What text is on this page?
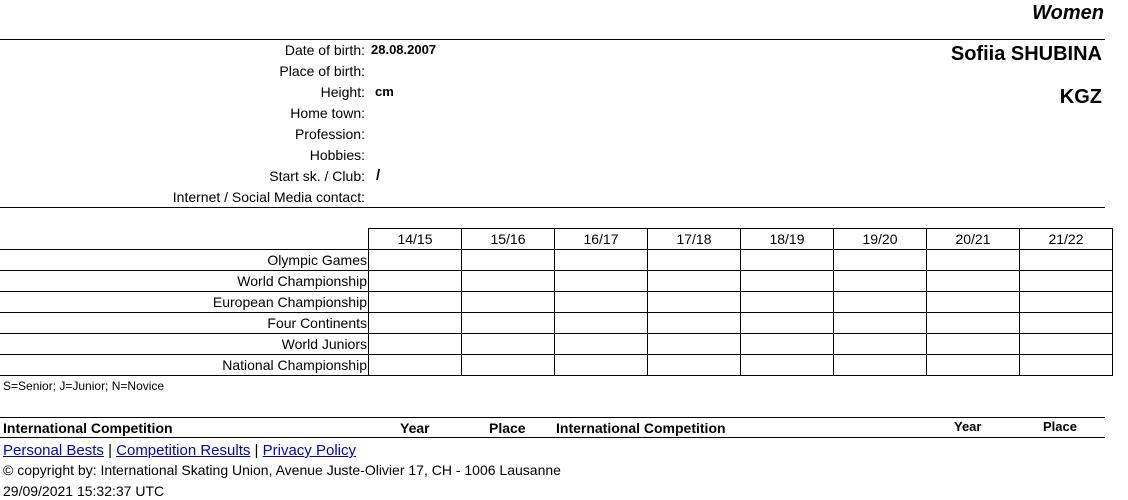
Women
Date of birth: 28.08.2007
Place of birth:
Height: cm
Home town:
Profession:
Hobbies:
Start sk. / Club: /
Internet / Social Media contact:
Sofiia SHUBINA
KGZ
	14/15	15/16	16/17	17/18	18/19	19/20	20/21	21/22
Olympic Games								
World Championship								
European Championship								
Four Continents								
World Juniors								
National Championship								
S=Senior; J=Junior; N=Novice
International Competition	Year	Place International Competition	Year	Place
Personal Bests | Competition Results | Privacy Policy
© copyright by: International Skating Union, Avenue Juste-Olivier 17, CH - 1006 Lausanne
29/09/2021 15:32:37 UTC
